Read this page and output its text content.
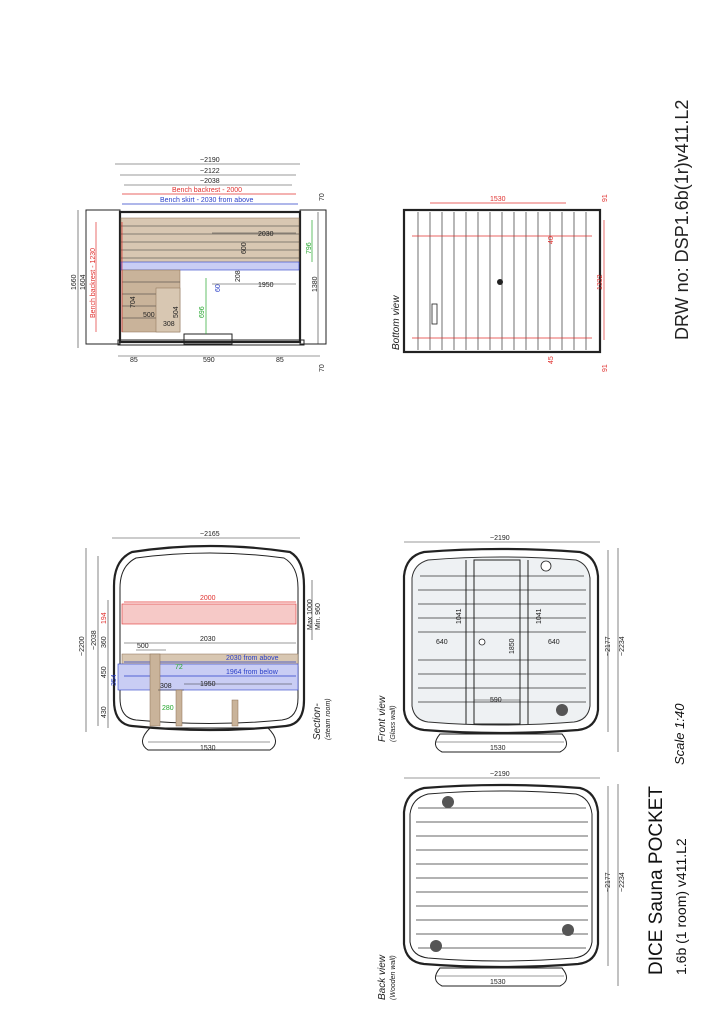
DRW no: DSP1.6b(1r)v411.L2
DICE Sauna POCKET 1.6b (1 room) v411.L2
Scale 1:40
~2190
~2122
~2038
Bench backrest - 2000
Bench skirt - 2030 from above
Bench backrest - 1230
1660 1604
70
1380
70
2030
1950
600	796
208
704
504
500
308
696
60
85	590	85
1530	91
40
1332
45
91
Bottom view
~2165
2000
2030
2030 from above
1964 from below
72
500
308	1950
280
~2200 ~2038
194
360
450
354
430
Max 1000 Min. 960
1530
Section- (steam room)
~2190
640
1041
1850
1041
640
590
1530
~2177 ~2234
Front view (Glass wall)
~2190
1530
~2177 ~2234
Back view (Wooden wall)
